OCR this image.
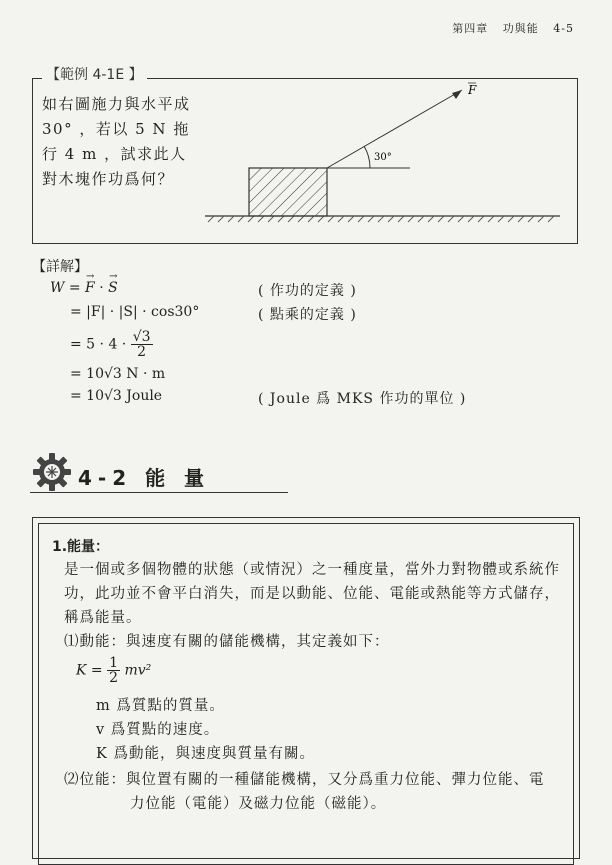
第四章 功與能 4-5
【範例 4-1E 】
如右圖施力與水平成
30° ，若以 5 N 拖
行 4 m ，試求此人
對木塊作功爲何？
F
30°
【詳解】
W = F
→
· S
→
( 作功的定義 )
= |F| · |S| · cos30°	( 點乘的定義 )
= $5 \cdot 4 \cdot \frac{√3}{2}$
= 10√3 N · m
= 10√3 Joule	( Joule 爲 MKS 作功的單位 )
4-2 能 量
1.能量：
是一個或多個物體的狀態（或情況）之一種度量，當外力對物體或系統作功，此功並不會平白消失，而是以動能、位能、電能或熱能等方式儲存，稱爲能量。
⑴動能：與速度有關的儲能機構，其定義如下：
$K = \frac{1}{2} mv^2$
m 爲質點的質量。
v 爲質點的速度。
K 爲動能，與速度與質量有關。
⑵位能：與位置有關的一種儲能機構，又分爲重力位能、彈力位能、電
力位能（電能）及磁力位能（磁能）。
